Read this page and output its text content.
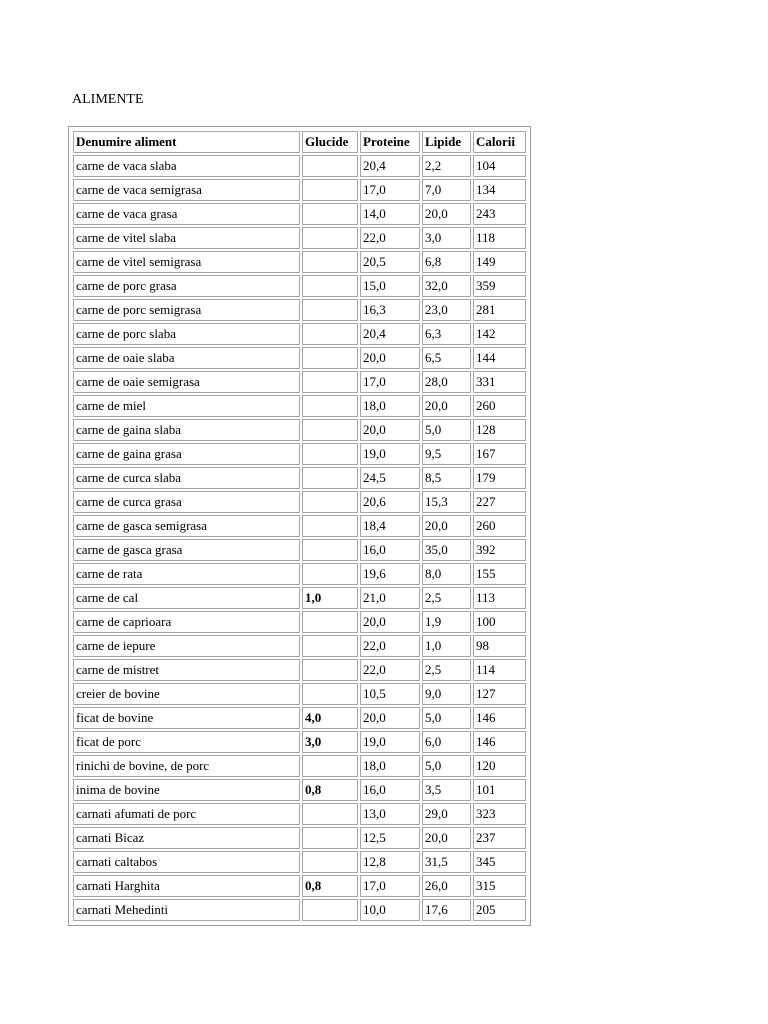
ALIMENTE
Denumire aliment	Glucide	Proteine	Lipide	Calorii
carne de vaca slaba		20,4	2,2	104
carne de vaca semigrasa		17,0	7,0	134
carne de vaca grasa		14,0	20,0	243
carne de vitel slaba		22,0	3,0	118
carne de vitel semigrasa		20,5	6,8	149
carne de porc grasa		15,0	32,0	359
carne de porc semigrasa		16,3	23,0	281
carne de porc slaba		20,4	6,3	142
carne de oaie slaba		20,0	6,5	144
carne de oaie semigrasa		17,0	28,0	331
carne de miel		18,0	20,0	260
carne de gaina slaba		20,0	5,0	128
carne de gaina grasa		19,0	9,5	167
carne de curca slaba		24,5	8,5	179
carne de curca grasa		20,6	15,3	227
carne de gasca semigrasa		18,4	20,0	260
carne de gasca grasa		16,0	35,0	392
carne de rata		19,6	8,0	155
carne de cal	1,0	21,0	2,5	113
carne de caprioara		20,0	1,9	100
carne de iepure		22,0	1,0	98
carne de mistret		22,0	2,5	114
creier de bovine		10,5	9,0	127
ficat de bovine	4,0	20,0	5,0	146
ficat de porc	3,0	19,0	6,0	146
rinichi de bovine, de porc		18,0	5,0	120
inima de bovine	0,8	16,0	3,5	101
carnati afumati de porc		13,0	29,0	323
carnati Bicaz		12,5	20,0	237
carnati caltabos		12,8	31,5	345
carnati Harghita	0,8	17,0	26,0	315
carnati Mehedinti		10,0	17,6	205
